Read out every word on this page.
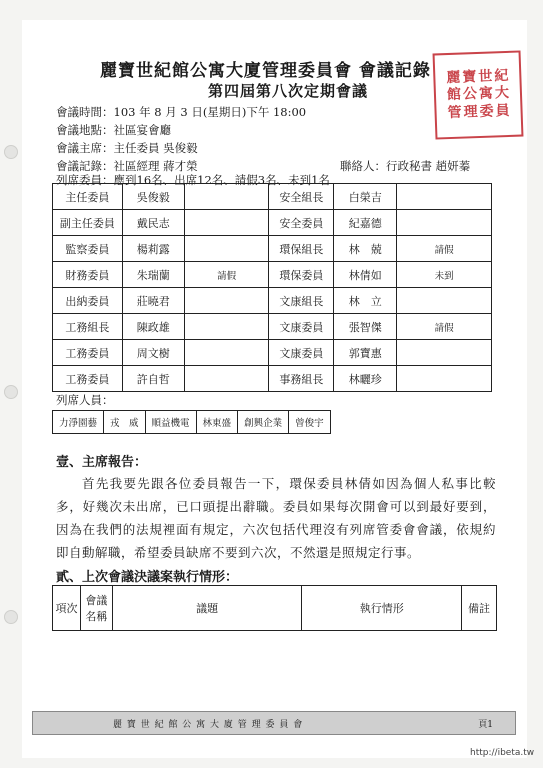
麗寶世紀館公寓大廈管理委員會 會議記錄
第四屆第八次定期會議
麗 寶 世 紀
館 公 寓 大
管 理 委 員
會議時間：103 年 8 月 3 日(星期日)下午 18:00
會議地點：社區宴會廳
會議主席：主任委員 吳俊毅
會議記錄：社區經理 蔣才榮	聯絡人：行政秘書 趙妍蓁
列席委員：應到16名、出席12名、請假3名、未到1名
主任委員	吳俊毅		安全組長	白榮吉	
副主任委員	戴民志		安全委員	紀嘉德	
監察委員	楊莉露		環保組長	林　兢	請假
財務委員	朱瑞蘭	請假	環保委員	林倩如	未到
出納委員	莊曉君		文康組長	林　立	
工務組長	陳政雄		文康委員	張智傑	請假
工務委員	周文樹		文康委員	郭寶惠	
工務委員	許自哲		事務組長	林曬珍	
列席人員：
力淨園藝	戎　威	順益機電	林東盛	創興企業	曾俊宇
壹、主席報告：
首先我要先跟各位委員報告一下，環保委員林倩如因為個人私事比較多，好幾次未出席，已口頭提出辭職。委員如果每次開會可以到最好要到，因為在我們的法規裡面有規定，六次包括代理沒有列席管委會會議，依規約即自動解職，希望委員缺席不要到六次，不然還是照規定行事。
貳、上次會議決議案執行情形：
項次	會議名稱	議題	執行情形	備註
麗 寶 世 紀 館 公 寓 大 廈 管 理 委 員 會	頁1
http://ibeta.tw
